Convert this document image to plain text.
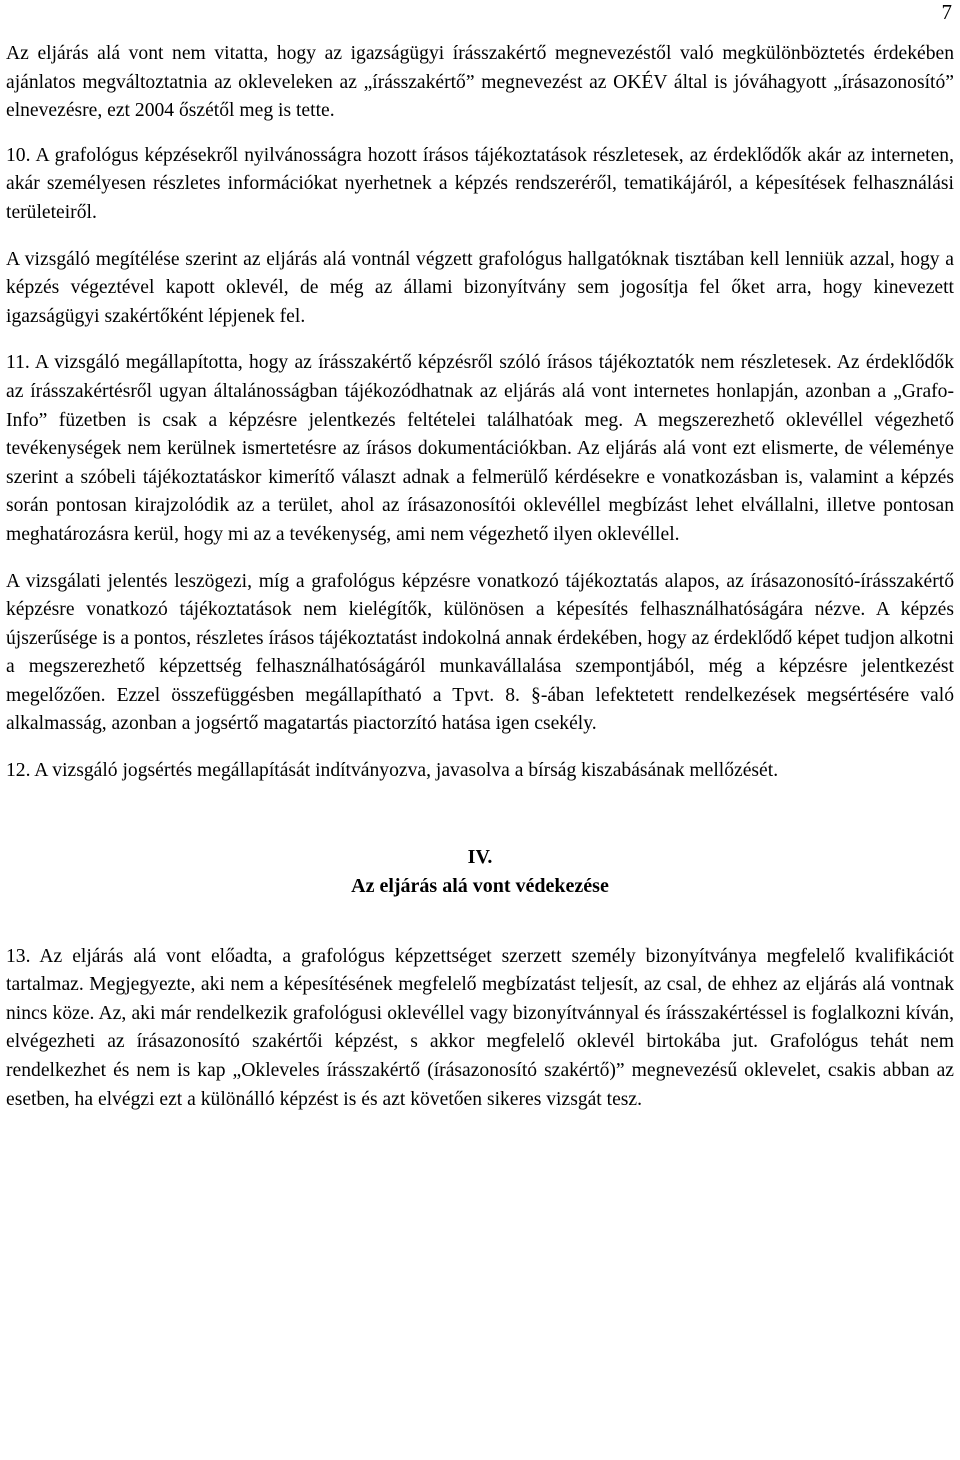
7

Az eljárás alá vont nem vitatta, hogy az igazságügyi írásszakértő megnevezéstől való megkülönböztetés érdekében ajánlatos megváltoztatnia az okleveleken az „írásszakértő” megnevezést az OKÉV által is jóváhagyott „írásazonosító” elnevezésre, ezt 2004 őszétől meg is tette.

10. A grafológus képzésekről nyilvánosságra hozott írásos tájékoztatások részletesek, az érdeklődők akár az interneten, akár személyesen részletes információkat nyerhetnek a képzés rendszeréről, tematikájáról, a képesítések felhasználási területeiről.

A vizsgáló megítélése szerint az eljárás alá vontnál végzett grafológus hallgatóknak tisztában kell lenniük azzal, hogy a képzés végeztével kapott oklevél, de még az állami bizonyítvány sem jogosítja fel őket arra, hogy kinevezett igazságügyi szakértőként lépjenek fel.

11. A vizsgáló megállapította, hogy az írásszakértő képzésről szóló írásos tájékoztatók nem részletesek. Az érdeklődők az írásszakértésről ugyan általánosságban tájékozódhatnak az eljárás alá vont internetes honlapján, azonban a „Grafo-Info” füzetben is csak a képzésre jelentkezés feltételei találhatóak meg. A megszerezhető oklevéllel végezhető tevékenységek nem kerülnek ismertetésre az írásos dokumentációkban. Az eljárás alá vont ezt elismerte, de véleménye szerint a szóbeli tájékoztatáskor kimerítő választ adnak a felmerülő kérdésekre e vonatkozásban is, valamint a képzés során pontosan kirajzolódik az a terület, ahol az írásazonosítói oklevéllel megbízást lehet elvállalni, illetve pontosan meghatározásra kerül, hogy mi az a tevékenység, ami nem végezhető ilyen oklevéllel.

A vizsgálati jelentés leszögezi, míg a grafológus képzésre vonatkozó tájékoztatás alapos, az írásazonosító-írásszakértő képzésre vonatkozó tájékoztatások nem kielégítők, különösen a képesítés felhasználhatóságára nézve. A képzés újszerűsége is a pontos, részletes írásos tájékoztatást indokolná annak érdekében, hogy az érdeklődő képet tudjon alkotni a megszerezhető képzettség felhasználhatóságáról munkavállalása szempontjából, még a képzésre jelentkezést megelőzően. Ezzel összefüggésben megállapítható a Tpvt. 8. §-ában lefektetett rendelkezések megsértésére való alkalmasság, azonban a jogsértő magatartás piactorzító hatása igen csekély.

12. A vizsgáló jogsértés megállapítását indítványozva, javasolva a bírság kiszabásának mellőzését.

IV.
Az eljárás alá vont védekezése

13. Az eljárás alá vont előadta, a grafológus képzettséget szerzett személy bizonyítványa megfelelő kvalifikációt tartalmaz. Megjegyezte, aki nem a képesítésének megfelelő megbízatást teljesít, az csal, de ehhez az eljárás alá vontnak nincs köze. Az, aki már rendelkezik grafológusi oklevéllel vagy bizonyítvánnyal és írásszakértéssel is foglalkozni kíván, elvégezheti az írásazonosító szakértői képzést, s akkor megfelelő oklevél birtokába jut. Grafológus tehát nem rendelkezhet és nem is kap „Okleveles írásszakértő (írásazonosító szakértő)” megnevezésű oklevelet, csakis abban az esetben, ha elvégzi ezt a különálló képzést is és azt követően sikeres vizsgát tesz.
